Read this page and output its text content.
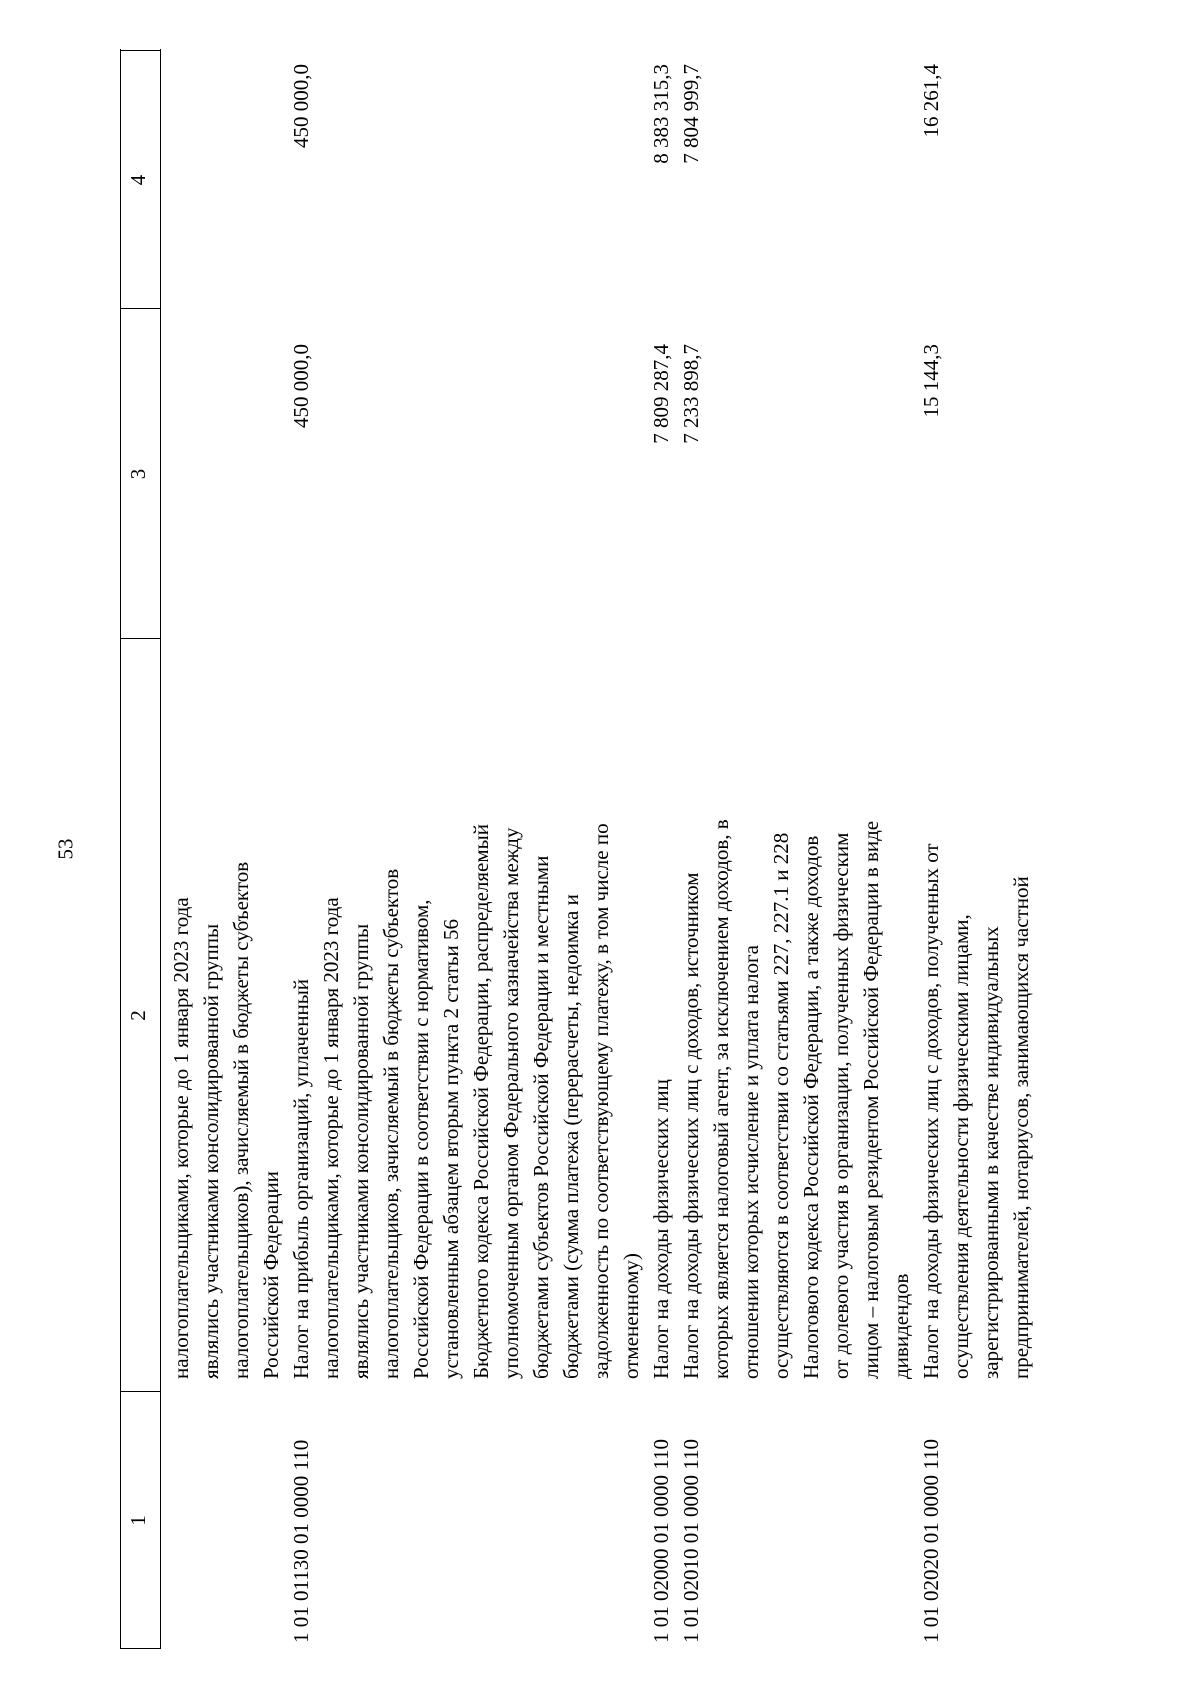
53
1
2
3
4
налогоплательщиками, которые до 1 января 2023 года являлись участниками консолидированной группы налогоплательщиков), зачисляемый в бюджеты субъектов Российской Федерации
1 01 01130 01 0000 110
Налог на прибыль организаций, уплаченный налогоплательщиками, которые до 1 января 2023 года являлись участниками консолидированной группы налогоплательщиков, зачисляемый в бюджеты субъектов Российской Федерации в соответствии с нормативом, установленным абзацем вторым пункта 2 статьи 56 Бюджетного кодекса Российской Федерации, распределяемый уполномоченным органом Федерального казначейства между бюджетами субъектов Российской Федерации и местными бюджетами (сумма платежа (перерасчеты, недоимка и задолженность по соответствующему платежу, в том числе по отмененному)
450 000,0
450 000,0
1 01 02000 01 0000 110
Налог на доходы физических лиц
7 809 287,4
8 383 315,3
1 01 02010 01 0000 110
Налог на доходы физических лиц с доходов, источником которых является налоговый агент, за исключением доходов, в отношении которых исчисление и уплата налога осуществляются в соответствии со статьями 227, 227.1 и 228 Налогового кодекса Российской Федерации, а также доходов от долевого участия в организации, полученных физическим лицом – налоговым резидентом Российской Федерации в виде дивидендов
7 233 898,7
7 804 999,7
1 01 02020 01 0000 110
Налог на доходы физических лиц с доходов, полученных от осуществления деятельности физическими лицами, зарегистрированными в качестве индивидуальных предпринимателей, нотариусов, занимающихся частной
15 144,3
16 261,4
